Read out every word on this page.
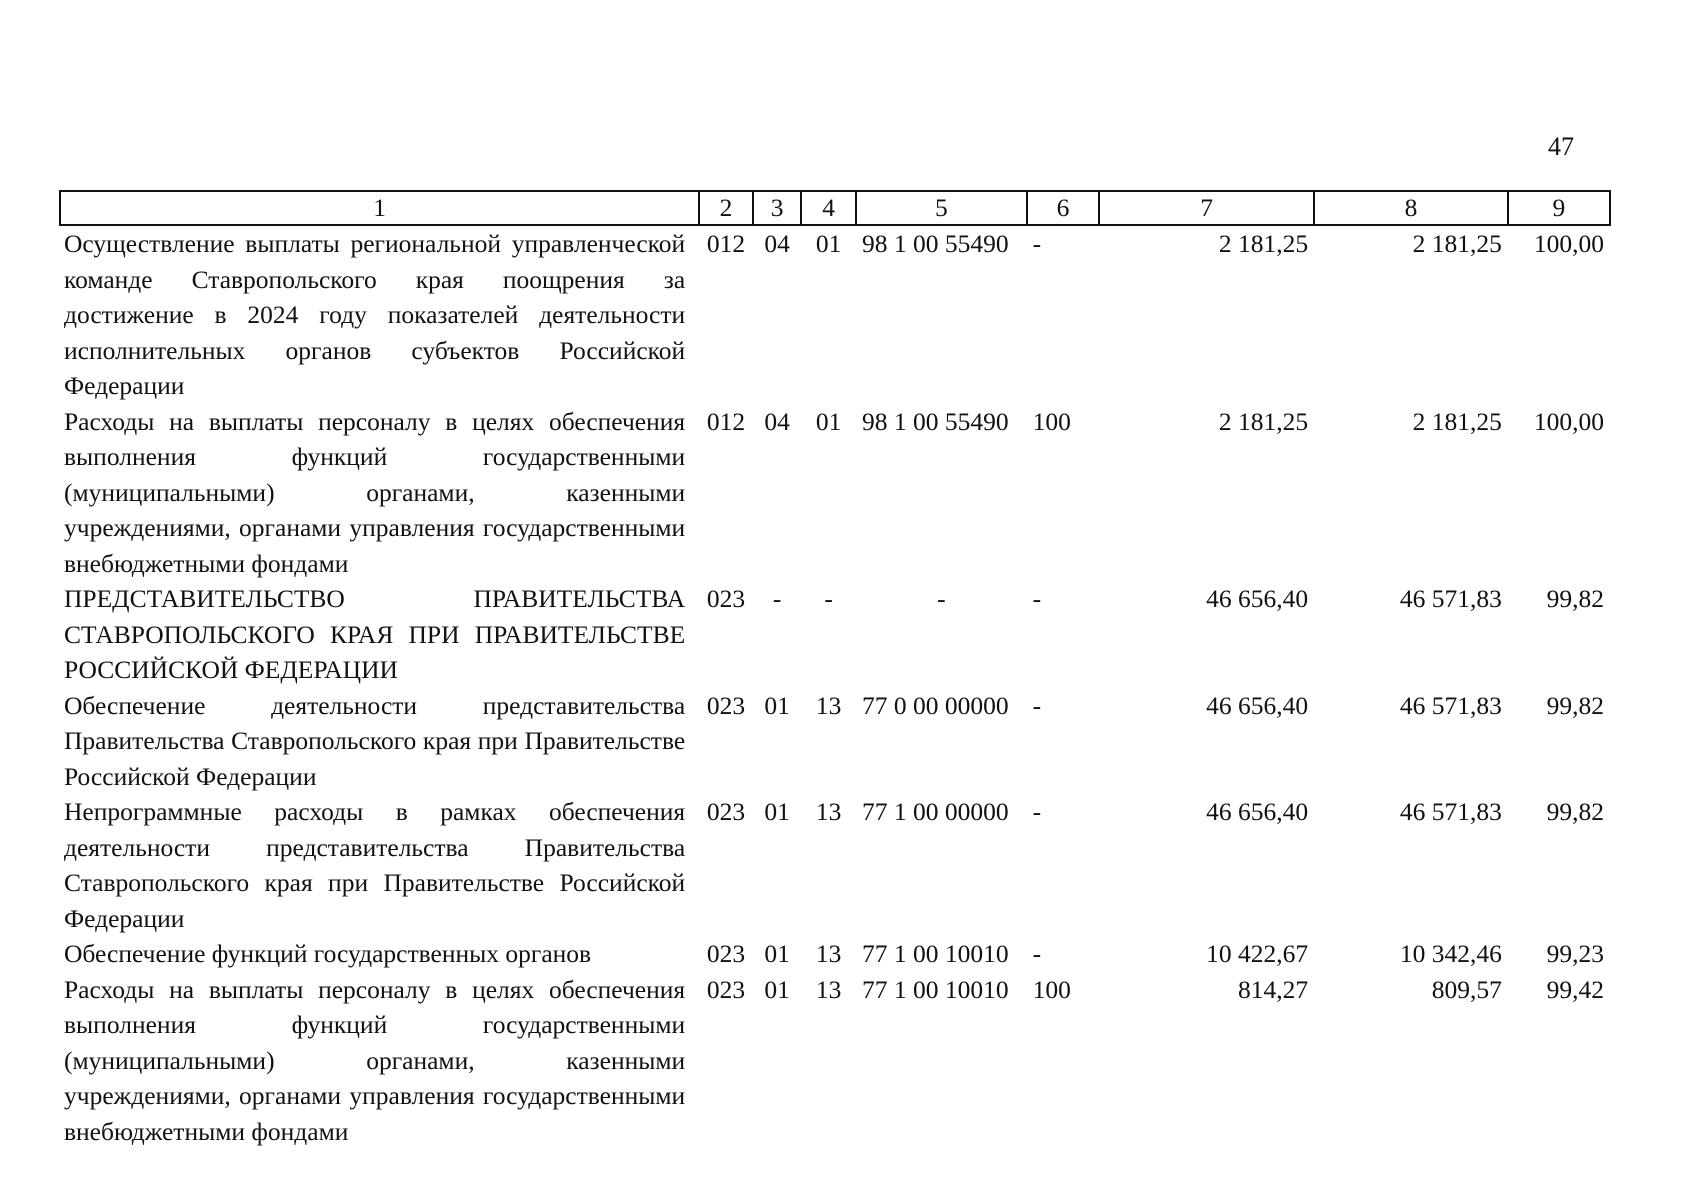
47
1	2	3	4	5	6	7	8	9
Осуществление выплаты региональной управленческой команде Ставропольского края поощрения за достижение в 2024 году показателей деятельности исполнительных органов субъектов Российской Федерации	012	04	01	98 1 00 55490	-	2 181,25	2 181,25	100,00
Расходы на выплаты персоналу в целях обеспечения выполнения функций государственными (муниципальными) органами, казенными учреждениями, органами управления государственными внебюджетными фондами	012	04	01	98 1 00 55490	100	2 181,25	2 181,25	100,00
ПРЕДСТАВИТЕЛЬСТВО ПРАВИТЕЛЬСТВА СТАВРОПОЛЬСКОГО КРАЯ ПРИ ПРАВИТЕЛЬСТВЕ РОССИЙСКОЙ ФЕДЕРАЦИИ	023	-	-	-	-	46 656,40	46 571,83	99,82
Обеспечение деятельности представительства Правительства Ставропольского края при Правительстве Российской Федерации	023	01	13	77 0 00 00000	-	46 656,40	46 571,83	99,82
Непрограммные расходы в рамках обеспечения деятельности представительства Правительства Ставропольского края при Правительстве Российской Федерации	023	01	13	77 1 00 00000	-	46 656,40	46 571,83	99,82
Обеспечение функций государственных органов	023	01	13	77 1 00 10010	-	10 422,67	10 342,46	99,23
Расходы на выплаты персоналу в целях обеспечения выполнения функций государственными (муниципальными) органами, казенными учреждениями, органами управления государственными внебюджетными фондами	023	01	13	77 1 00 10010	100	814,27	809,57	99,42
